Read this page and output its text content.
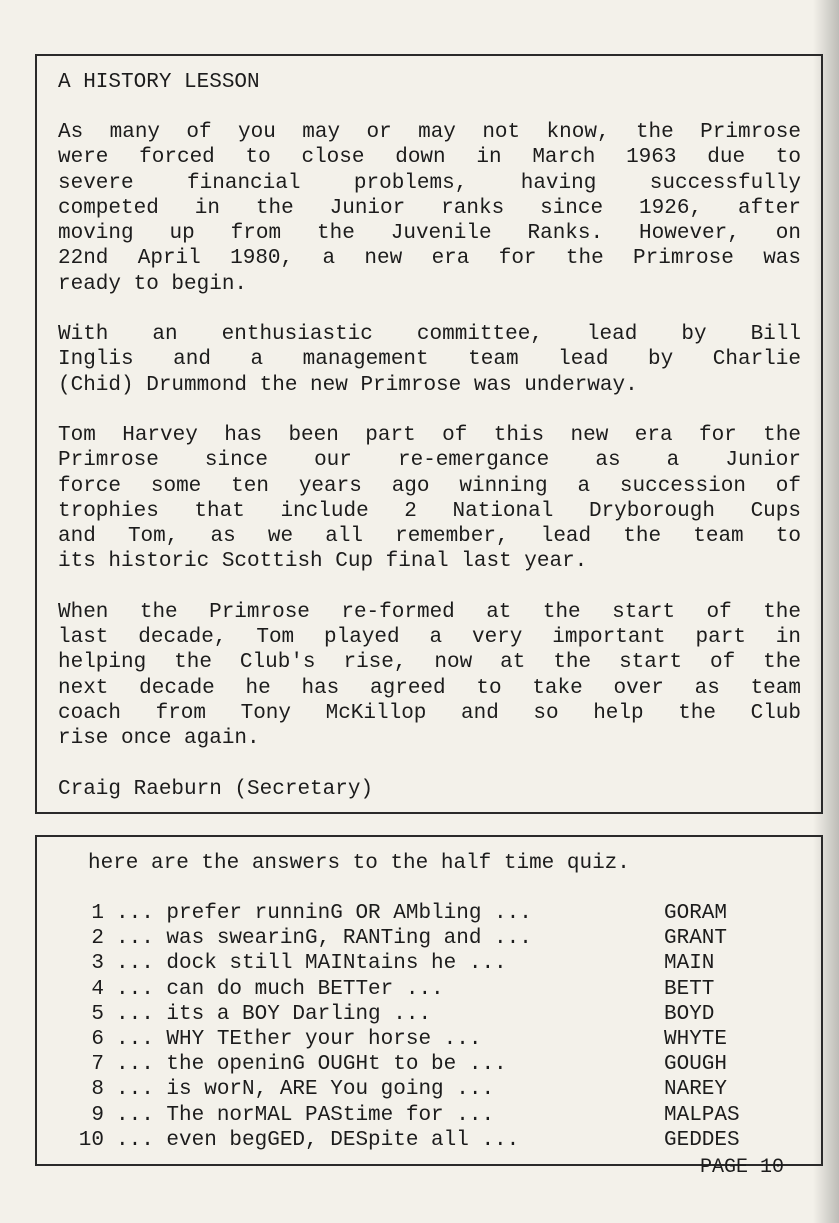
A HISTORY LESSON
As many of you may or may not know, the Primrose
were forced to close down in March 1963 due to
severe financial problems, having successfully
competed in the Junior ranks since 1926, after
moving up from the Juvenile Ranks. However, on
22nd April 1980, a new era for the Primrose was
ready to begin.
With an enthusiastic committee, lead by Bill
Inglis and a management team lead by Charlie
(Chid) Drummond the new Primrose was underway.
Tom Harvey has been part of this new era for the
Primrose since our re-emergance as a Junior
force some ten years ago winning a succession of
trophies that include 2 National Dryborough Cups
and Tom, as we all remember, lead the team to
its historic Scottish Cup final last year.
When the Primrose re-formed at the start of the
last decade, Tom played a very important part in
helping the Club's rise, now at the start of the
next decade he has agreed to take over as team
coach from Tony McKillop and so help the Club
rise once again.
Craig Raeburn (Secretary)
here are the answers to the half time quiz.
1 ... prefer runninG OR AMbling ...	GORAM
2 ... was swearinG, RANTing and ...	GRANT
3 ... dock still MAINtains he ...	MAIN
4 ... can do much BETTer ...	BETT
5 ... its a BOY Darling ...	BOYD
6 ... WHY TEther your horse ...	WHYTE
7 ... the openinG OUGHt to be ...	GOUGH
8 ... is worN, ARE You going ...	NAREY
9 ... The norMAL PAStime for ...	MALPAS
10 ... even begGED, DESpite all ...	GEDDES
PAGE 10
